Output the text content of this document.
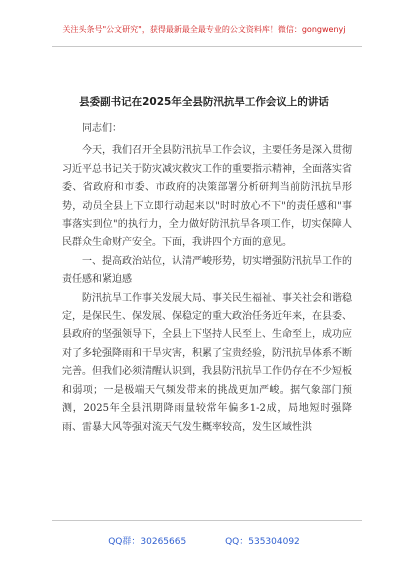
关注头条号"公文研究"，获得最新最全最专业的公文资料库！微信：gongwenyj
县委副书记在2025年全县防汛抗旱工作会议上的讲话

同志们：

今天，我们召开全县防汛抗旱工作会议，主要任务是深入贯彻习近平总书记关于防灾减灾救灾工作的重要指示精神，全面落实省委、省政府和市委、市政府的决策部署分析研判当前防汛抗旱形势，动员全县上下立即行动起来以"时时放心不下"的责任感和"事事落实到位"的执行力，全力做好防汛抗旱各项工作，切实保障人民群众生命财产安全。下面，我讲四个方面的意见。

一、提高政治站位，认清严峻形势，切实增强防汛抗旱工作的责任感和紧迫感

防汛抗旱工作事关发展大局、事关民生福祉、事关社会和谐稳定，是保民生、保发展、保稳定的重大政治任务近年来，在县委、县政府的坚强领导下，全县上下坚持人民至上、生命至上，成功应对了多轮强降雨和干旱灾害，积累了宝贵经验，防汛抗旱体系不断完善。但我们必须清醒认识到，我县防汛抗旱工作仍存在不少短板和弱项；一是极端天气频发带来的挑战更加严峻。据气象部门预测，2025年全县汛期降雨量较常年偏多1-2成，局地短时强降雨、雷暴大风等强对流天气发生概率较高，发生区域性洪

QQ群：30265665	QQ：535304092
